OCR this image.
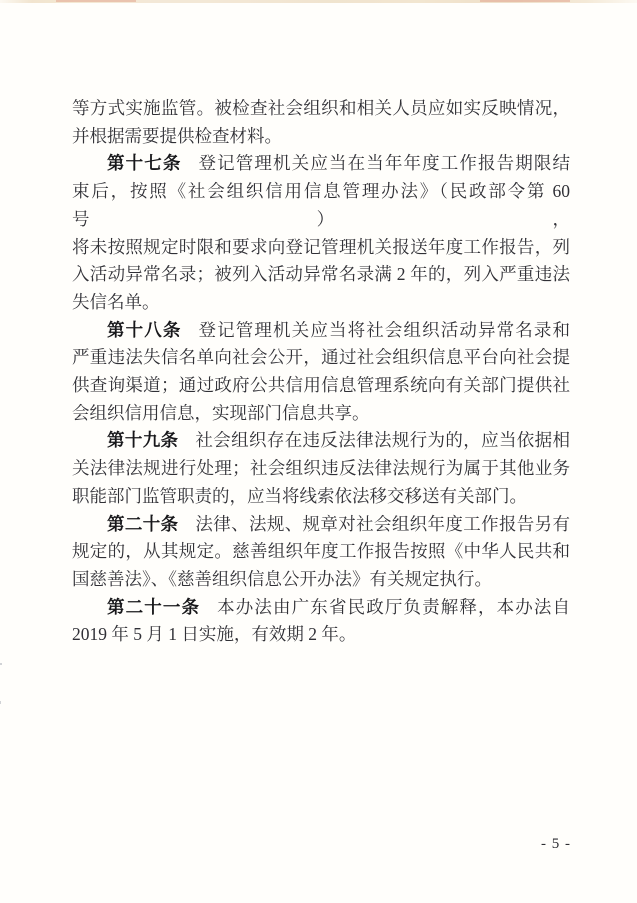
等方式实施监管。被检查社会组织和相关人员应如实反映情况，
并根据需要提供检查材料。
第十七条 登记管理机关应当在当年年度工作报告期限结
束后，按照《社会组织信用信息管理办法》（民政部令第 60 号），
将未按照规定时限和要求向登记管理机关报送年度工作报告，列
入活动异常名录；被列入活动异常名录满 2 年的，列入严重违法
失信名单。
第十八条 登记管理机关应当将社会组织活动异常名录和
严重违法失信名单向社会公开，通过社会组织信息平台向社会提
供查询渠道；通过政府公共信用信息管理系统向有关部门提供社
会组织信用信息，实现部门信息共享。
第十九条 社会组织存在违反法律法规行为的，应当依据相
关法律法规进行处理；社会组织违反法律法规行为属于其他业务
职能部门监管职责的，应当将线索依法移交移送有关部门。
第二十条 法律、法规、规章对社会组织年度工作报告另有
规定的，从其规定。慈善组织年度工作报告按照《中华人民共和
国慈善法》、《慈善组织信息公开办法》有关规定执行。
第二十一条 本办法由广东省民政厅负责解释，本办法自
2019 年 5 月 1 日实施，有效期 2 年。
- 5 -
